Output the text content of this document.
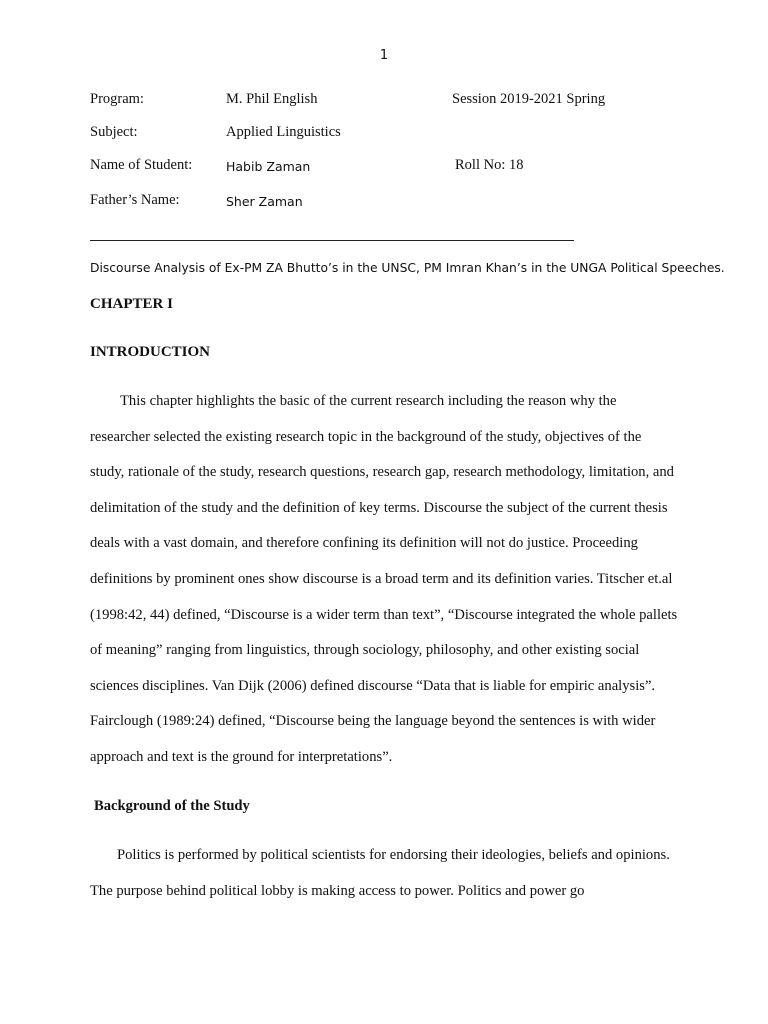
1
Program:	M. Phil English	Session 2019-2021 Spring
Subject:	Applied Linguistics
Name of Student:	Habib Zaman	Roll No: 18
Father’s Name:	Sher Zaman
Discourse Analysis of Ex-PM ZA Bhutto’s in the UNSC, PM Imran Khan’s in the UNGA Political Speeches.
CHAPTER I
INTRODUCTION

This chapter highlights the basic of the current research including the reason why the researcher selected the existing research topic in the background of the study, objectives of the study, rationale of the study, research questions, research gap, research methodology, limitation, and delimitation of the study and the definition of key terms. Discourse the subject of the current thesis deals with a vast domain, and therefore confining its definition will not do justice. Proceeding definitions by prominent ones show discourse is a broad term and its definition varies. Titscher et.al (1998:42, 44) defined, “Discourse is a wider term than text”, “Discourse integrated the whole pallets of meaning” ranging from linguistics, through sociology, philosophy, and other existing social sciences disciplines. Van Dijk (2006) defined discourse “Data that is liable for empiric analysis”. Fairclough (1989:24) defined, “Discourse being the language beyond the sentences is with wider approach and text is the ground for interpretations”.

Background of the Study

Politics is performed by political scientists for endorsing their ideologies, beliefs and opinions. The purpose behind political lobby is making access to power. Politics and power go
